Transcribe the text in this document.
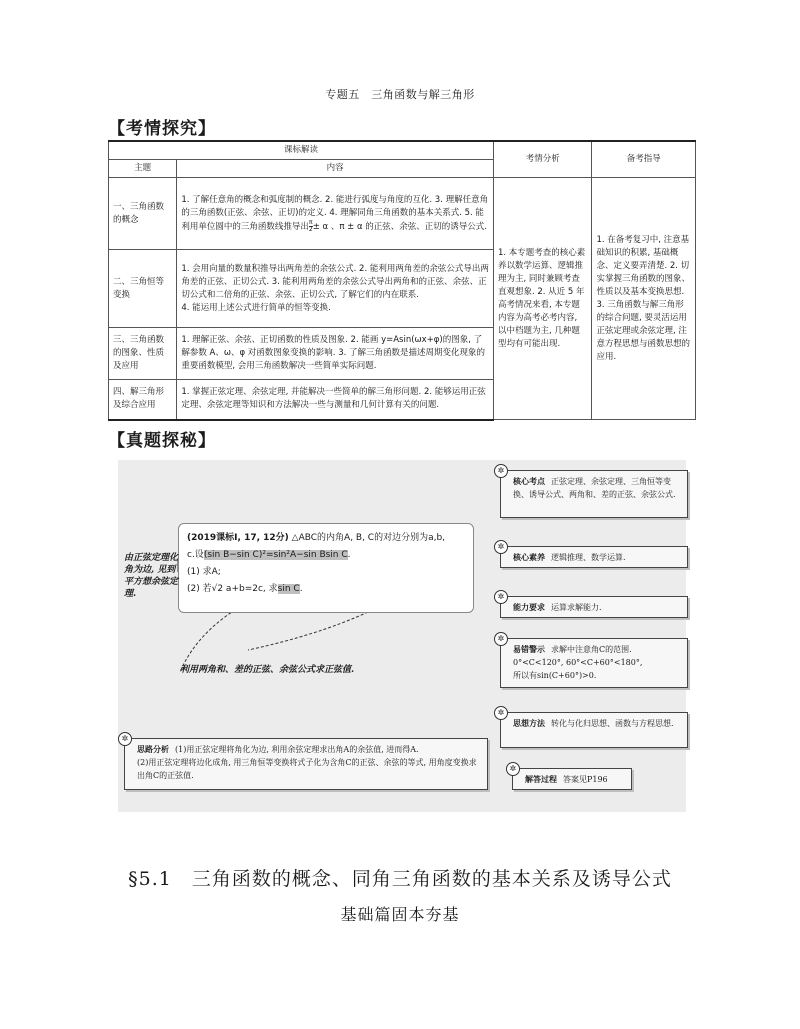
专题五　三角函数与解三角形
【考情探究】
课标解读		考情分析	备考指导
主题	内容		
一、三角函数的概念	1. 了解任意角的概念和弧度制的概念. 2. 能进行弧度与角度的互化. 3. 理解任意角的三角函数(正弦、余弦、正切)的定义. 4. 理解同角三角函数的基本关系式. 5. 能利用单位圆中的三角函数线推导出 $\frac{\pi}{2} \pm \alpha$ 、π ± α 的正弦、余弦、正切的诱导公式.	1. 本专题考查的核心素养以数学运算、逻辑推理为主, 同时兼顾考查直观想象. 2. 从近 5 年高考情况来看, 本专题内容为高考必考内容, 以中档题为主, 几种题型均有可能出现.	1. 在备考复习中, 注意基础知识的积累, 基础概念、定义要弄清楚. 2. 切实掌握三角函数的图象、性质以及基本变换思想. 3. 三角函数与解三角形的综合问题, 要灵活运用正弦定理或余弦定理, 注意方程思想与函数思想的应用.
二、三角恒等变换	1. 会用向量的数量积推导出两角差的余弦公式. 2. 能利用两角差的余弦公式导出两角差的正弦、正切公式. 3. 能利用两角差的余弦公式导出两角和的正弦、余弦、正切公式和二倍角的正弦、余弦、正切公式, 了解它们的内在联系.
4. 能运用上述公式进行简单的恒等变换.		
三、三角函数的图象、性质及应用	1. 理解正弦、余弦、正切函数的性质及图象. 2. 能画 y=Asin(ωx+φ)的图象, 了解参数 A、ω、φ 对函数图象变换的影响. 3. 了解三角函数是描述周期变化现象的重要函数模型, 会用三角函数解决一些简单实际问题.		
四、解三角形及综合应用	1. 掌握正弦定理、余弦定理, 并能解决一些简单的解三角形问题. 2. 能够运用正弦定理、余弦定理等知识和方法解决一些与测量和几何计算有关的问题.		
【真题探秘】
(2019课标Ⅰ, 17, 12分) △ABC的内角A, B, C的对边分别为a,b,
c.设(sin B−sin C)²=sin²A−sin Bsin C.
(1) 求A;
(2) 若√2 a+b=2c, 求sin C.
由正弦定理化角为边, 见到平方想余弦定理.
利用两角和、差的正弦、余弦公式求正弦值.
✲
核心考点 正弦定理、余弦定理、三角恒等变换、诱导公式、两角和、差的正弦、余弦公式.
✲
核心素养 逻辑推理、数学运算.
✲
能力要求 运算求解能力.
✲
易错警示 求解中注意角C的范围.
0°<C<120°, 60°<C+60°<180°,
所以有sin(C+60°)>0.
✲
思想方法 转化与化归思想、函数与方程思想.
✲
思路分析 (1)用正弦定理将角化为边, 利用余弦定理求出角A的余弦值, 进而得A.
(2)用正弦定理将边化成角, 用三角恒等变换将式子化为含角C的正弦、余弦的等式, 用角度变换求出角C的正弦值.
✲
解答过程 答案见P196
§5.1　三角函数的概念、同角三角函数的基本关系及诱导公式
基础篇固本夯基
